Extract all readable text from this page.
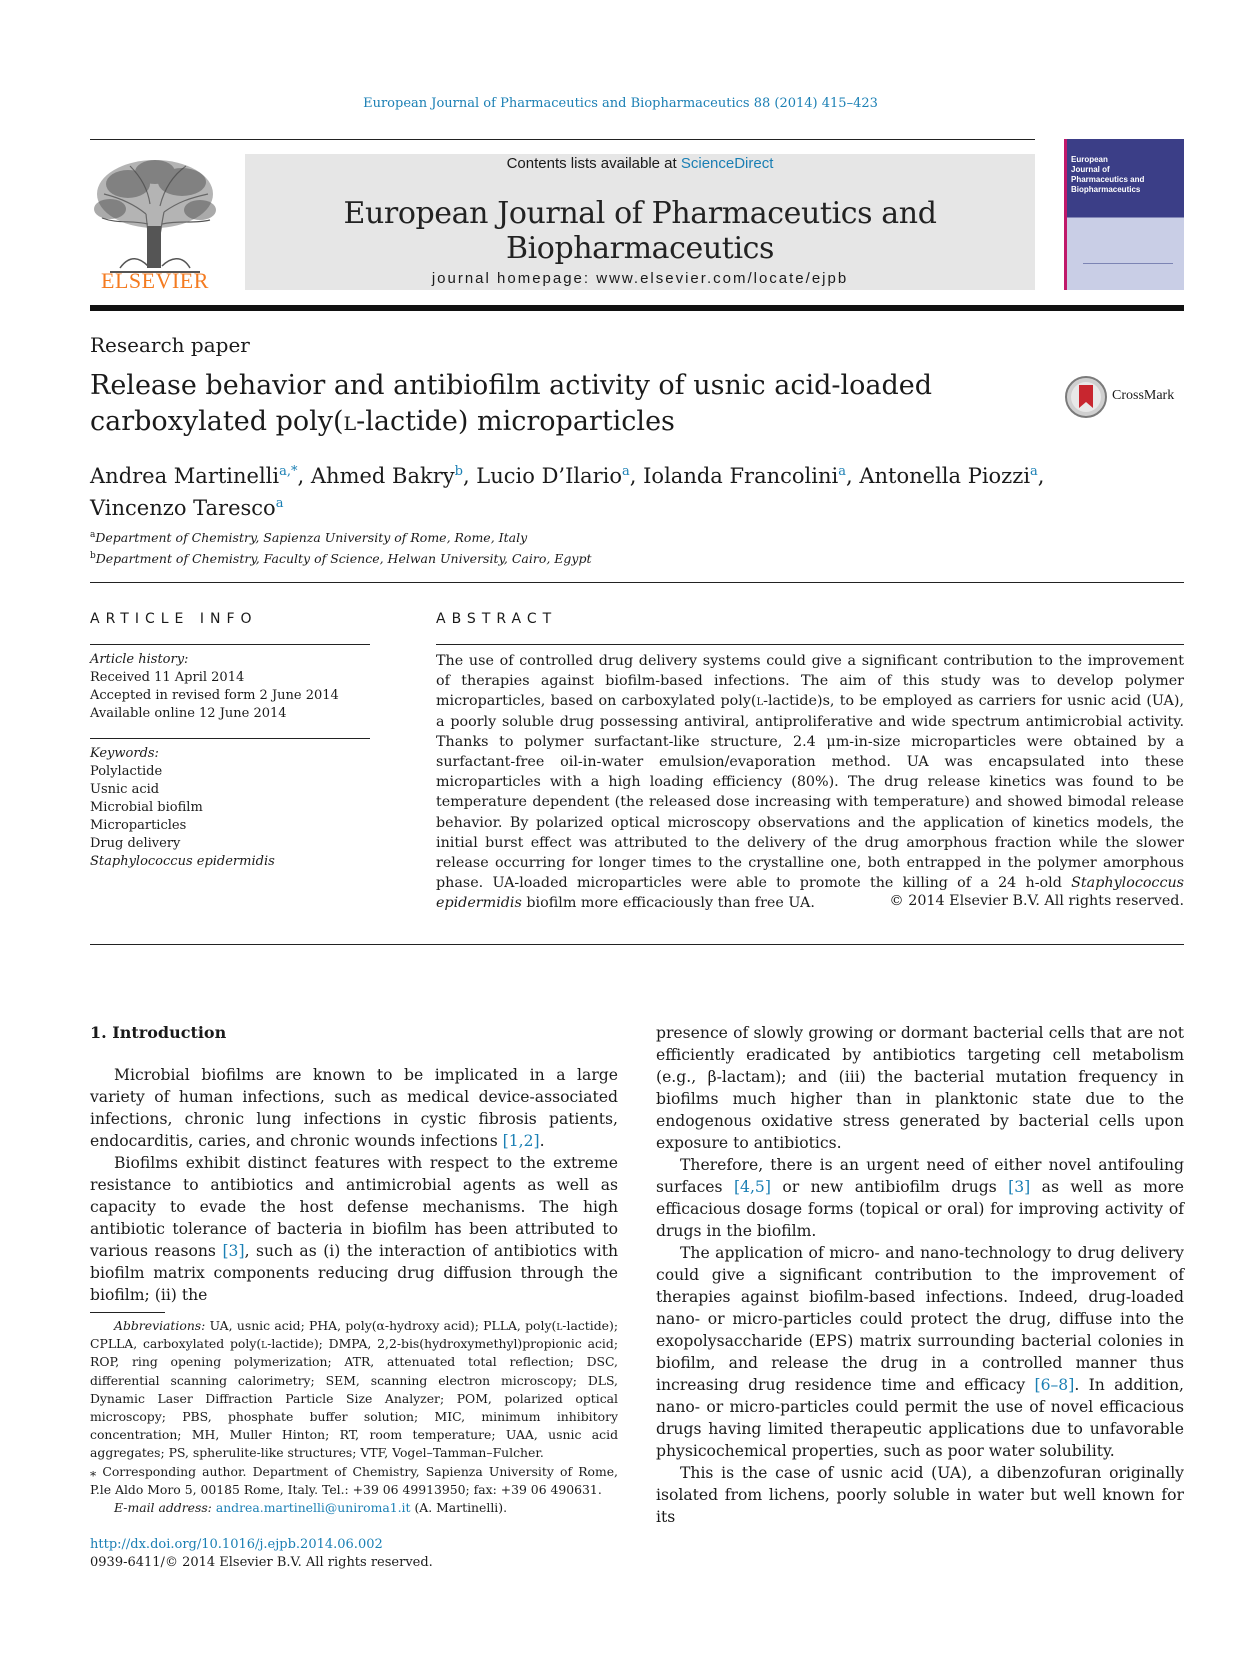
European Journal of Pharmaceutics and Biopharmaceutics 88 (2014) 415–423
ELSEVIER
Contents lists available at ScienceDirect
European Journal of Pharmaceutics and Biopharmaceutics
journal homepage: www.elsevier.com/locate/ejpb
European
Journal of
Pharmaceutics and
Biopharmaceutics
Research paper
Release behavior and antibiofilm activity of usnic acid-loaded
carboxylated poly(l-lactide) microparticles
CrossMark
Andrea Martinelli$^{a,*}$, Ahmed Bakry$^b$, Lucio D’Ilario$^a$, Iolanda Francolini$^a$, Antonella Piozzi$^a$,
Vincenzo Taresco$^a$
$^a$Department of Chemistry, Sapienza University of Rome, Rome, Italy
$^b$Department of Chemistry, Faculty of Science, Helwan University, Cairo, Egypt
ARTICLE INFO	ABSTRACT
Article history:
Received 11 April 2014
Accepted in revised form 2 June 2014
Available online 12 June 2014
Keywords:
Polylactide
Usnic acid
Microbial biofilm
Microparticles
Drug delivery
Staphylococcus epidermidis
The use of controlled drug delivery systems could give a significant contribution to the improvement of therapies against biofilm-based infections. The aim of this study was to develop polymer microparticles, based on carboxylated poly(l-lactide)s, to be employed as carriers for usnic acid (UA), a poorly soluble drug possessing antiviral, antiproliferative and wide spectrum antimicrobial activity. Thanks to polymer surfactant-like structure, 2.4 μm-in-size microparticles were obtained by a surfactant-free oil-in-water emulsion/evaporation method. UA was encapsulated into these microparticles with a high loading efficiency (80%). The drug release kinetics was found to be temperature dependent (the released dose increasing with temperature) and showed bimodal release behavior. By polarized optical microscopy observations and the application of kinetics models, the initial burst effect was attributed to the delivery of the drug amorphous fraction while the slower release occurring for longer times to the crystalline one, both entrapped in the polymer amorphous phase. UA-loaded microparticles were able to promote the killing of a 24 h-old Staphylococcus epidermidis biofilm more efficaciously than free UA.	© 2014 Elsevier B.V. All rights reserved.
1. Introduction

Microbial biofilms are known to be implicated in a large variety of human infections, such as medical device-associated infections, chronic lung infections in cystic fibrosis patients, endocarditis, caries, and chronic wounds infections [1,2].

Biofilms exhibit distinct features with respect to the extreme resistance to antibiotics and antimicrobial agents as well as capacity to evade the host defense mechanisms. The high antibiotic tolerance of bacteria in biofilm has been attributed to various reasons [3], such as (i) the interaction of antibiotics with biofilm matrix components reducing drug diffusion through the biofilm; (ii) the

presence of slowly growing or dormant bacterial cells that are not efficiently eradicated by antibiotics targeting cell metabolism (e.g., β-lactam); and (iii) the bacterial mutation frequency in biofilms much higher than in planktonic state due to the endogenous oxidative stress generated by bacterial cells upon exposure to antibiotics.

Therefore, there is an urgent need of either novel antifouling surfaces [4,5] or new antibiofilm drugs [3] as well as more efficacious dosage forms (topical or oral) for improving activity of drugs in the biofilm.

The application of micro- and nano-technology to drug delivery could give a significant contribution to the improvement of therapies against biofilm-based infections. Indeed, drug-loaded nano- or micro-particles could protect the drug, diffuse into the exopolysaccharide (EPS) matrix surrounding bacterial colonies in biofilm, and release the drug in a controlled manner thus increasing drug residence time and efficacy [6–8]. In addition, nano- or micro-particles could permit the use of novel efficacious drugs having limited therapeutic applications due to unfavorable physicochemical properties, such as poor water solubility.

This is the case of usnic acid (UA), a dibenzofuran originally isolated from lichens, poorly soluble in water but well known for its

Abbreviations: UA, usnic acid; PHA, poly(α-hydroxy acid); PLLA, poly(l-lactide); CPLLA, carboxylated poly(l-lactide); DMPA, 2,2-bis(hydroxymethyl)propionic acid; ROP, ring opening polymerization; ATR, attenuated total reflection; DSC, differential scanning calorimetry; SEM, scanning electron microscopy; DLS, Dynamic Laser Diffraction Particle Size Analyzer; POM, polarized optical microscopy; PBS, phosphate buffer solution; MIC, minimum inhibitory concentration; MH, Muller Hinton; RT, room temperature; UAA, usnic acid aggregates; PS, spherulite-like structures; VTF, Vogel–Tamman–Fulcher.

⁎ Corresponding author. Department of Chemistry, Sapienza University of Rome, P.le Aldo Moro 5, 00185 Rome, Italy. Tel.: +39 06 49913950; fax: +39 06 490631.

E-mail address: andrea.martinelli@uniroma1.it (A. Martinelli).

http://dx.doi.org/10.1016/j.ejpb.2014.06.002
0939-6411/© 2014 Elsevier B.V. All rights reserved.
